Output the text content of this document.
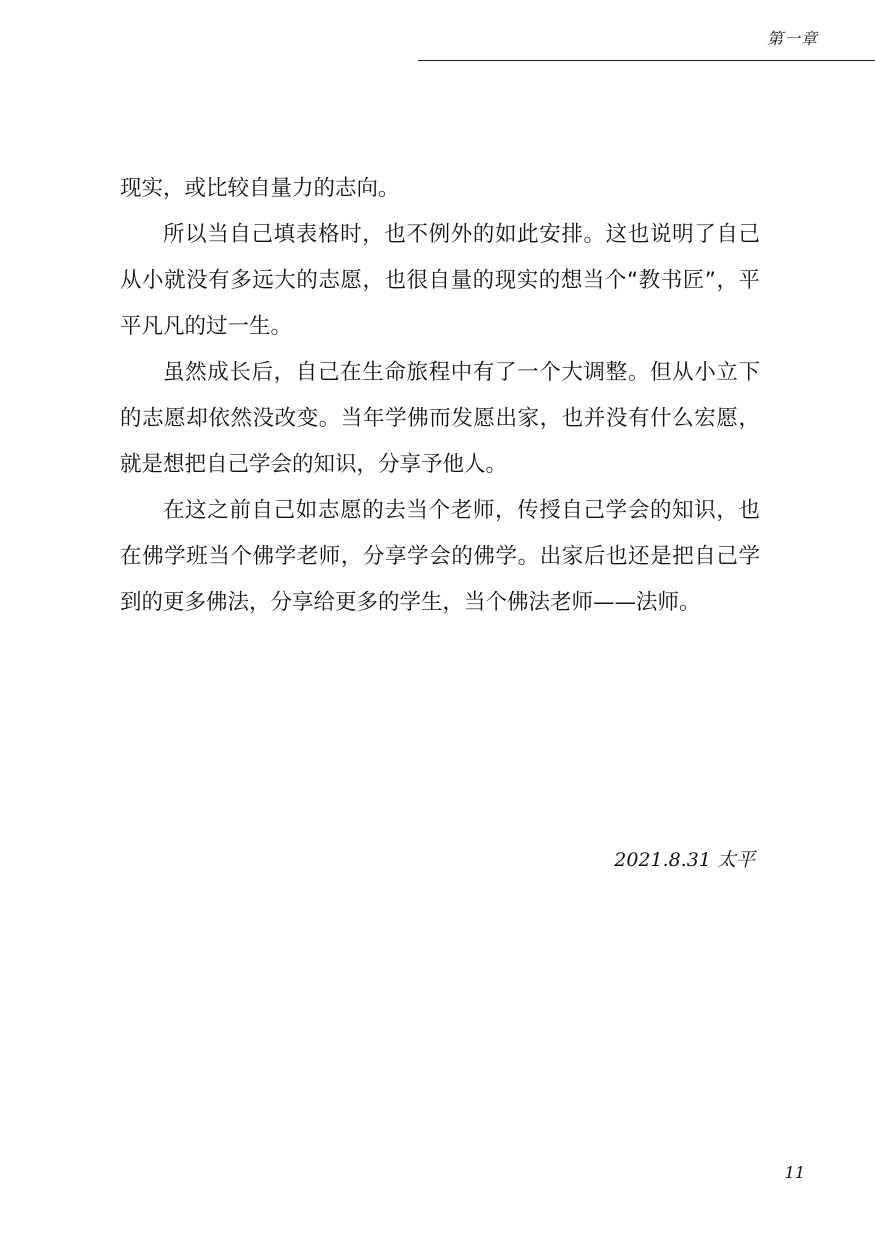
第一章

现实，或比较自量力的志向。

所以当自己填表格时，也不例外的如此安排。这也说明了自己从小就没有多远大的志愿，也很自量的现实的想当个“教书匠”，平平凡凡的过一生。

虽然成长后，自己在生命旅程中有了一个大调整。但从小立下的志愿却依然没改变。当年学佛而发愿出家，也并没有什么宏愿，就是想把自己学会的知识，分享予他人。

在这之前自己如志愿的去当个老师，传授自己学会的知识，也在佛学班当个佛学老师，分享学会的佛学。出家后也还是把自己学到的更多佛法，分享给更多的学生，当个佛法老师——法师。

2021.8.31 太平
11
